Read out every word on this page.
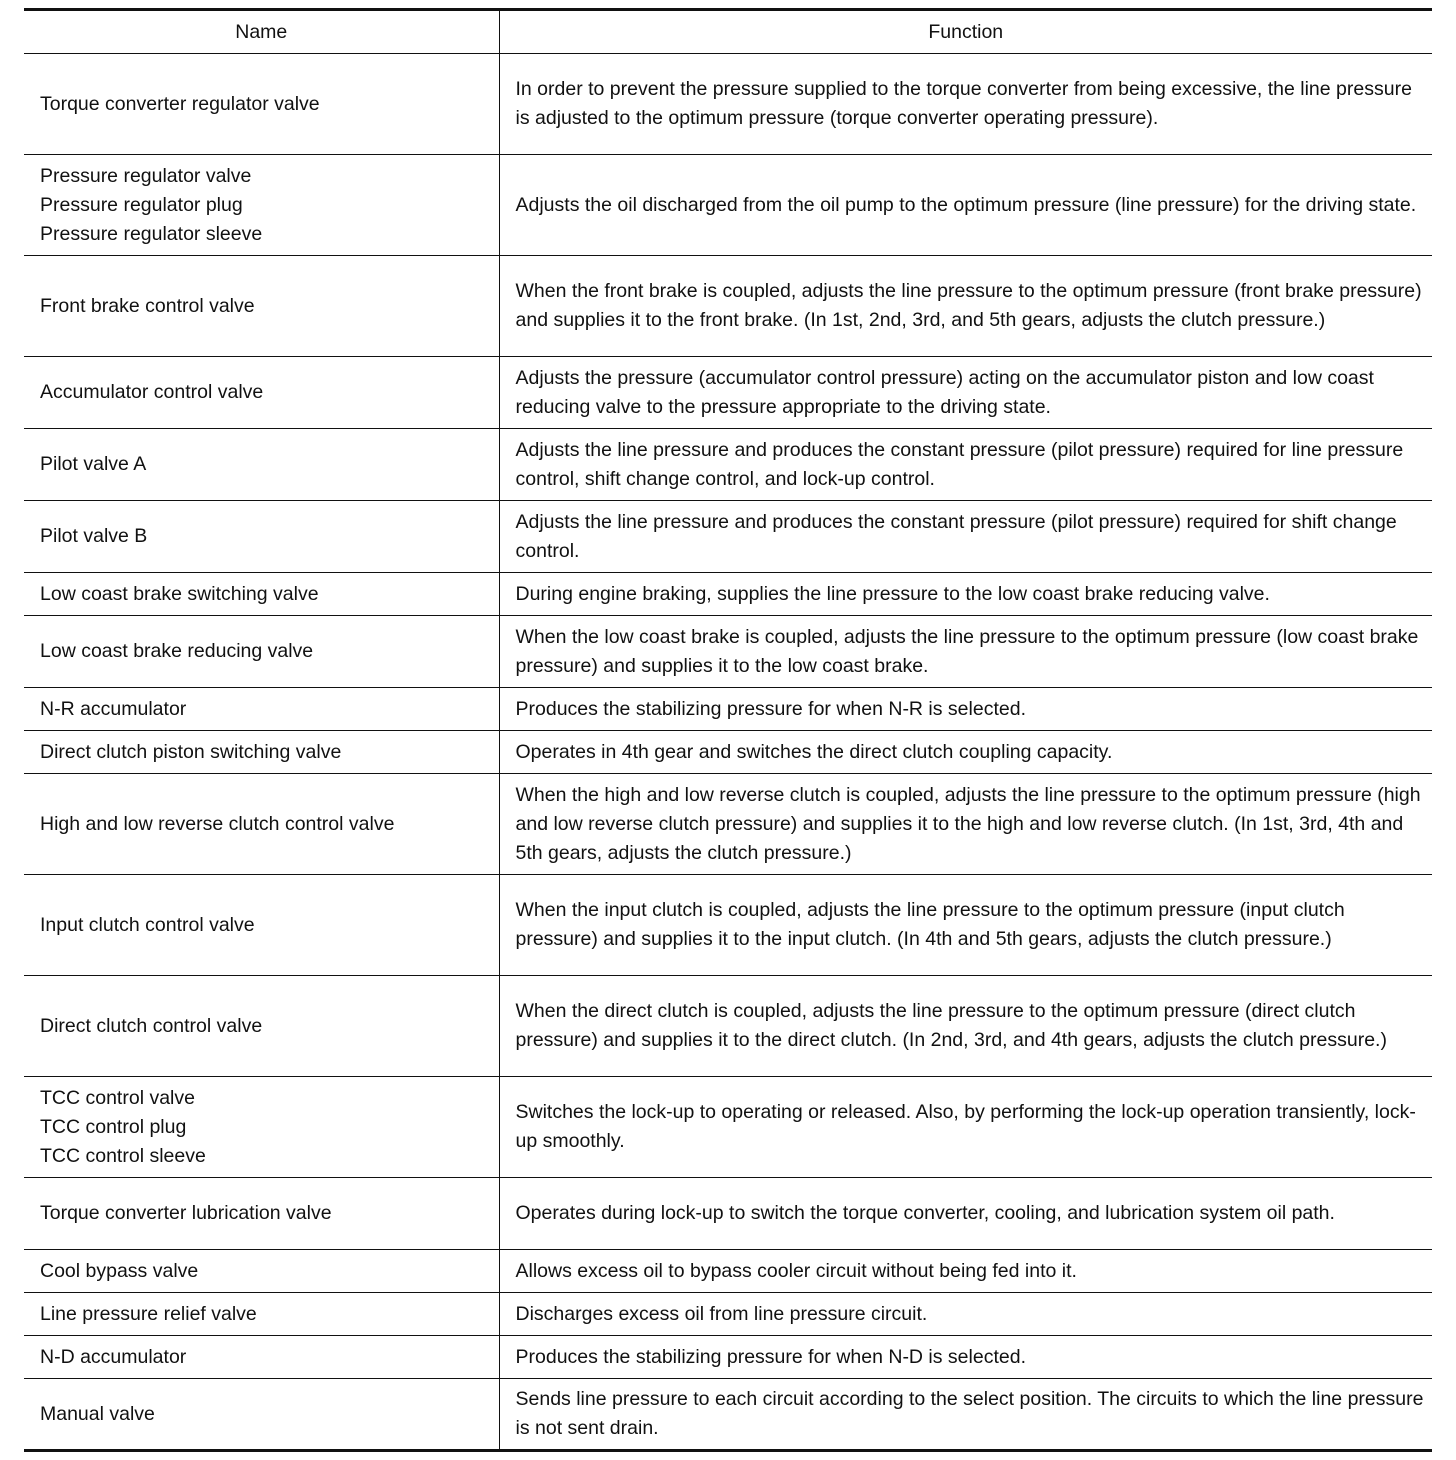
Name	Function

Torque converter regulator valve	In order to prevent the pressure supplied to the torque converter from being excessive, the line pressure is adjusted to the optimum pressure (torque converter operating pressure).

Pressure regulator valve
Pressure regulator plug
Pressure regulator sleeve	Adjusts the oil discharged from the oil pump to the optimum pressure (line pressure) for the driving state.

Front brake control valve	When the front brake is coupled, adjusts the line pressure to the optimum pressure (front brake pressure) and supplies it to the front brake. (In 1st, 2nd, 3rd, and 5th gears, adjusts the clutch pressure.)

Accumulator control valve	Adjusts the pressure (accumulator control pressure) acting on the accumulator piston and low coast reducing valve to the pressure appropriate to the driving state.

Pilot valve A	Adjusts the line pressure and produces the constant pressure (pilot pressure) required for line pressure control, shift change control, and lock-up control.

Pilot valve B	Adjusts the line pressure and produces the constant pressure (pilot pressure) required for shift change control.

Low coast brake switching valve	During engine braking, supplies the line pressure to the low coast brake reducing valve.

Low coast brake reducing valve	When the low coast brake is coupled, adjusts the line pressure to the optimum pressure (low coast brake pressure) and supplies it to the low coast brake.

N-R accumulator	Produces the stabilizing pressure for when N-R is selected.

Direct clutch piston switching valve	Operates in 4th gear and switches the direct clutch coupling capacity.

High and low reverse clutch control valve	When the high and low reverse clutch is coupled, adjusts the line pressure to the optimum pressure (high and low reverse clutch pressure) and supplies it to the high and low reverse clutch. (In 1st, 3rd, 4th and 5th gears, adjusts the clutch pressure.)

Input clutch control valve	When the input clutch is coupled, adjusts the line pressure to the optimum pressure (input clutch pressure) and supplies it to the input clutch. (In 4th and 5th gears, adjusts the clutch pressure.)

Direct clutch control valve	When the direct clutch is coupled, adjusts the line pressure to the optimum pressure (direct clutch pressure) and supplies it to the direct clutch. (In 2nd, 3rd, and 4th gears, adjusts the clutch pressure.)

TCC control valve
TCC control plug
TCC control sleeve	Switches the lock-up to operating or released. Also, by performing the lock-up operation transiently, lock-up smoothly.

Torque converter lubrication valve	Operates during lock-up to switch the torque converter, cooling, and lubrication system oil path.

Cool bypass valve	Allows excess oil to bypass cooler circuit without being fed into it.

Line pressure relief valve	Discharges excess oil from line pressure circuit.

N-D accumulator	Produces the stabilizing pressure for when N-D is selected.

Manual valve	Sends line pressure to each circuit according to the select position. The circuits to which the line pressure is not sent drain.
